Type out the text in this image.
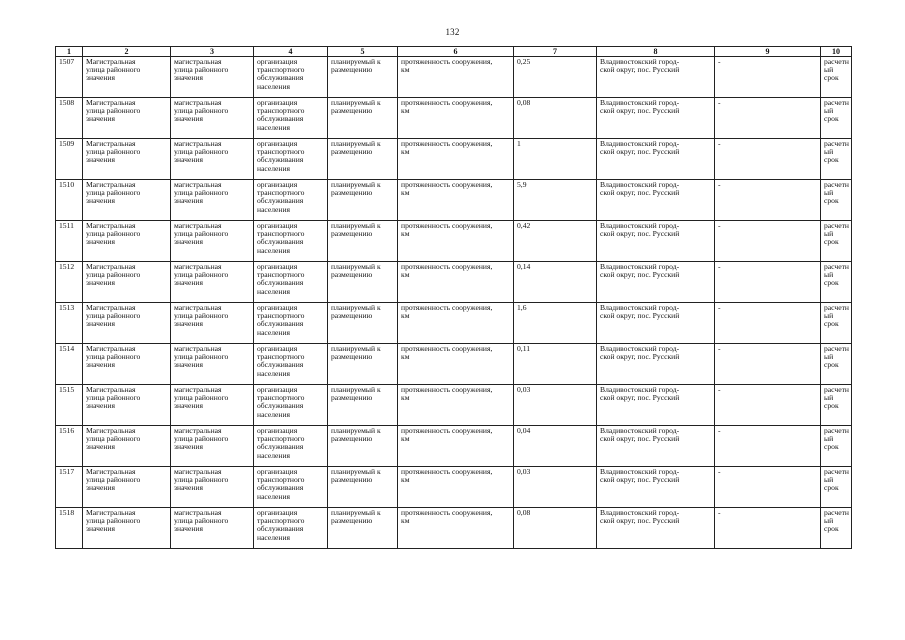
132
1	2	3	4	5	6	7	8	9	10
1507	Магистральная
улица районного
значения	магистральная
улица районного
значения	организация
транспортного
обслуживания
населения	планируемый к
размещению	протяженность сооружения,
км	0,25	Владивостокский город-
ской округ, пос. Русский	-	расчетный
срок
1508	Магистральная
улица районного
значения	магистральная
улица районного
значения	организация
транспортного
обслуживания
населения	планируемый к
размещению	протяженность сооружения,
км	0,08	Владивостокский город-
ской округ, пос. Русский	-	расчетный
срок
1509	Магистральная
улица районного
значения	магистральная
улица районного
значения	организация
транспортного
обслуживания
населения	планируемый к
размещению	протяженность сооружения,
км	1	Владивостокский город-
ской округ, пос. Русский	-	расчетный
срок
1510	Магистральная
улица районного
значения	магистральная
улица районного
значения	организация
транспортного
обслуживания
населения	планируемый к
размещению	протяженность сооружения,
км	5,9	Владивостокский город-
ской округ, пос. Русский	-	расчетный
срок
1511	Магистральная
улица районного
значения	магистральная
улица районного
значения	организация
транспортного
обслуживания
населения	планируемый к
размещению	протяженность сооружения,
км	0,42	Владивостокский город-
ской округ, пос. Русский	-	расчетный
срок
1512	Магистральная
улица районного
значения	магистральная
улица районного
значения	организация
транспортного
обслуживания
населения	планируемый к
размещению	протяженность сооружения,
км	0,14	Владивостокский город-
ской округ, пос. Русский	-	расчетный
срок
1513	Магистральная
улица районного
значения	магистральная
улица районного
значения	организация
транспортного
обслуживания
населения	планируемый к
размещению	протяженность сооружения,
км	1,6	Владивостокский город-
ской округ, пос. Русский	-	расчетный
срок
1514	Магистральная
улица районного
значения	магистральная
улица районного
значения	организация
транспортного
обслуживания
населения	планируемый к
размещению	протяженность сооружения,
км	0,11	Владивостокский город-
ской округ, пос. Русский	-	расчетный
срок
1515	Магистральная
улица районного
значения	магистральная
улица районного
значения	организация
транспортного
обслуживания
населения	планируемый к
размещению	протяженность сооружения,
км	0,03	Владивостокский город-
ской округ, пос. Русский	-	расчетный
срок
1516	Магистральная
улица районного
значения	магистральная
улица районного
значения	организация
транспортного
обслуживания
населения	планируемый к
размещению	протяженность сооружения,
км	0,04	Владивостокский город-
ской округ, пос. Русский	-	расчетный
срок
1517	Магистральная
улица районного
значения	магистральная
улица районного
значения	организация
транспортного
обслуживания
населения	планируемый к
размещению	протяженность сооружения,
км	0,03	Владивостокский город-
ской округ, пос. Русский	-	расчетный
срок
1518	Магистральная
улица районного
значения	магистральная
улица районного
значения	организация
транспортного
обслуживания
населения	планируемый к
размещению	протяженность сооружения,
км	0,08	Владивостокский город-
ской округ, пос. Русский	-	расчетный
срок
